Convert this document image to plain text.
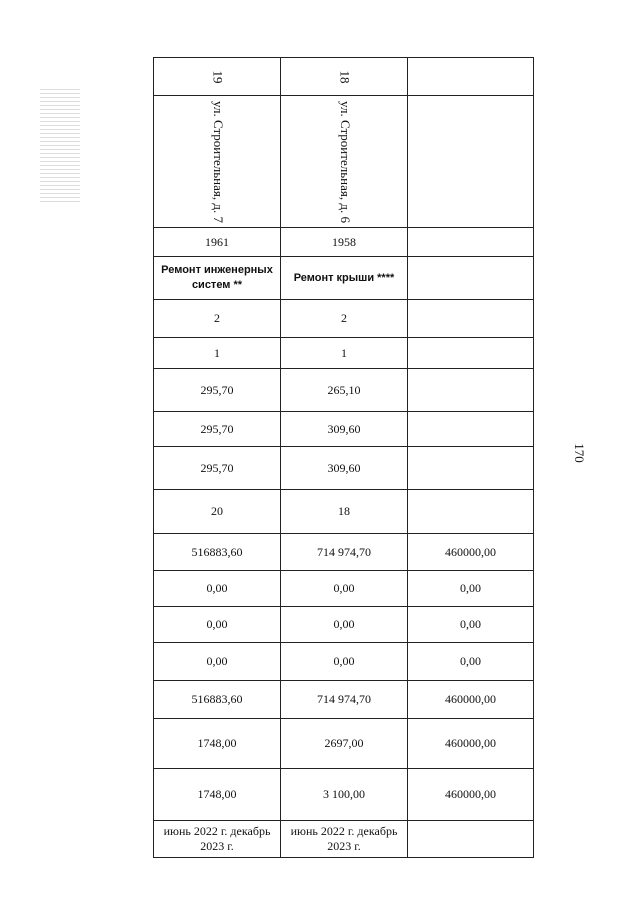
170
19	18	
ул. Строительная, д. 7	ул. Строительная, д. 6	
1961	1958	
Ремонт инженерных систем **	Ремонт крыши ****	
2	2	
1	1	
295,70	265,10	
295,70	309,60	
295,70	309,60	
20	18	
516883,60	714 974,70	460000,00
0,00	0,00	0,00
0,00	0,00	0,00
0,00	0,00	0,00
516883,60	714 974,70	460000,00
1748,00	2697,00	460000,00
1748,00	3 100,00	460000,00
июнь 2022 г. декабрь 2023 г.	июнь 2022 г. декабрь 2023 г.	
